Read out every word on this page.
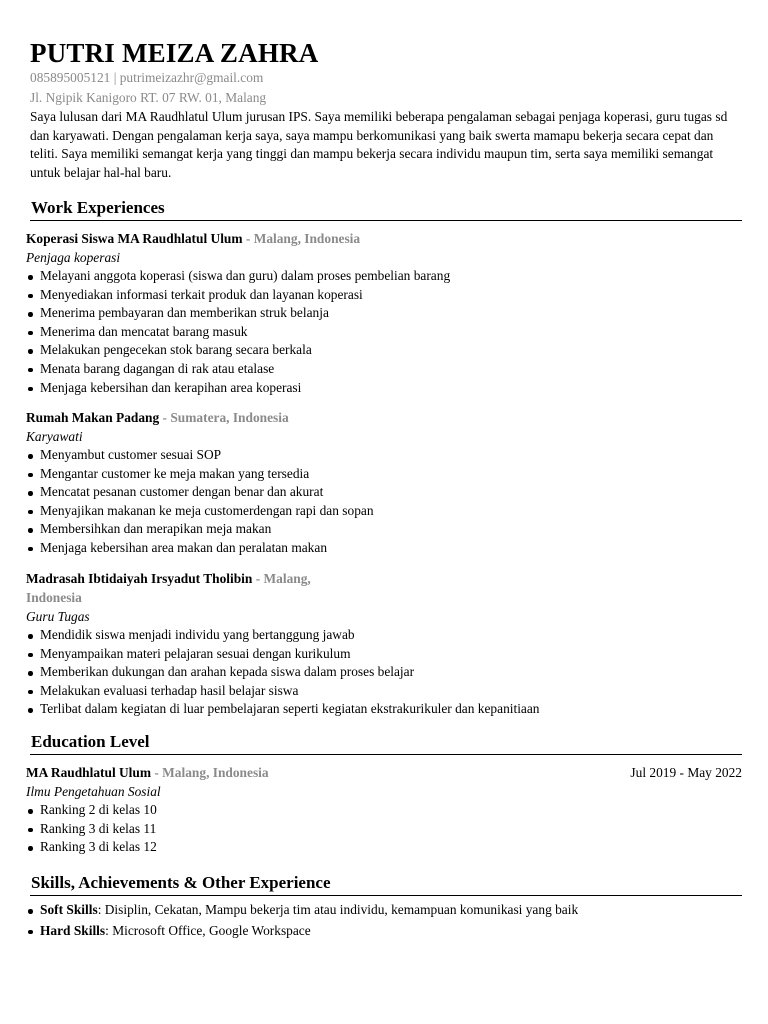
PUTRI MEIZA ZAHRA
085895005121 | putrimeizazhr@gmail.com
Jl. Ngipik Kanigoro RT. 07 RW. 01, Malang
Saya lulusan dari MA Raudhlatul Ulum jurusan IPS. Saya memiliki beberapa pengalaman sebagai penjaga koperasi, guru tugas sd dan karyawati. Dengan pengalaman kerja saya, saya mampu berkomunikasi yang baik swerta mamapu bekerja secara cepat dan teliti. Saya memiliki semangat kerja yang tinggi dan mampu bekerja secara individu maupun tim, serta saya memiliki semangat untuk belajar hal-hal baru.
Work Experiences
Koperasi Siswa MA Raudhlatul Ulum - Malang, Indonesia
Penjaga koperasi
Melayani anggota koperasi (siswa dan guru) dalam proses pembelian barang
Menyediakan informasi terkait produk dan layanan koperasi
Menerima pembayaran dan memberikan struk belanja
Menerima dan mencatat barang masuk
Melakukan pengecekan stok barang secara berkala
Menata barang dagangan di rak atau etalase
Menjaga kebersihan dan kerapihan area koperasi
Rumah Makan Padang - Sumatera, Indonesia
Karyawati
Menyambut customer sesuai SOP
Mengantar customer ke meja makan yang tersedia
Mencatat pesanan customer dengan benar dan akurat
Menyajikan makanan ke meja customerdengan rapi dan sopan
Membersihkan dan merapikan meja makan
Menjaga kebersihan area makan dan peralatan makan
Madrasah Ibtidaiyah Irsyadut Tholibin - Malang,
Indonesia
Guru Tugas
Mendidik siswa menjadi individu yang bertanggung jawab
Menyampaikan materi pelajaran sesuai dengan kurikulum
Memberikan dukungan dan arahan kepada siswa dalam proses belajar
Melakukan evaluasi terhadap hasil belajar siswa
Terlibat dalam kegiatan di luar pembelajaran seperti kegiatan ekstrakurikuler dan kepanitiaan
Education Level
MA Raudhlatul Ulum - Malang, Indonesia	Jul 2019 - May 2022
Ilmu Pengetahuan Sosial
Ranking 2 di kelas 10
Ranking 3 di kelas 11
Ranking 3 di kelas 12
Skills, Achievements & Other Experience
Soft Skills: Disiplin, Cekatan, Mampu bekerja tim atau individu, kemampuan komunikasi yang baik
Hard Skills: Microsoft Office, Google Workspace
